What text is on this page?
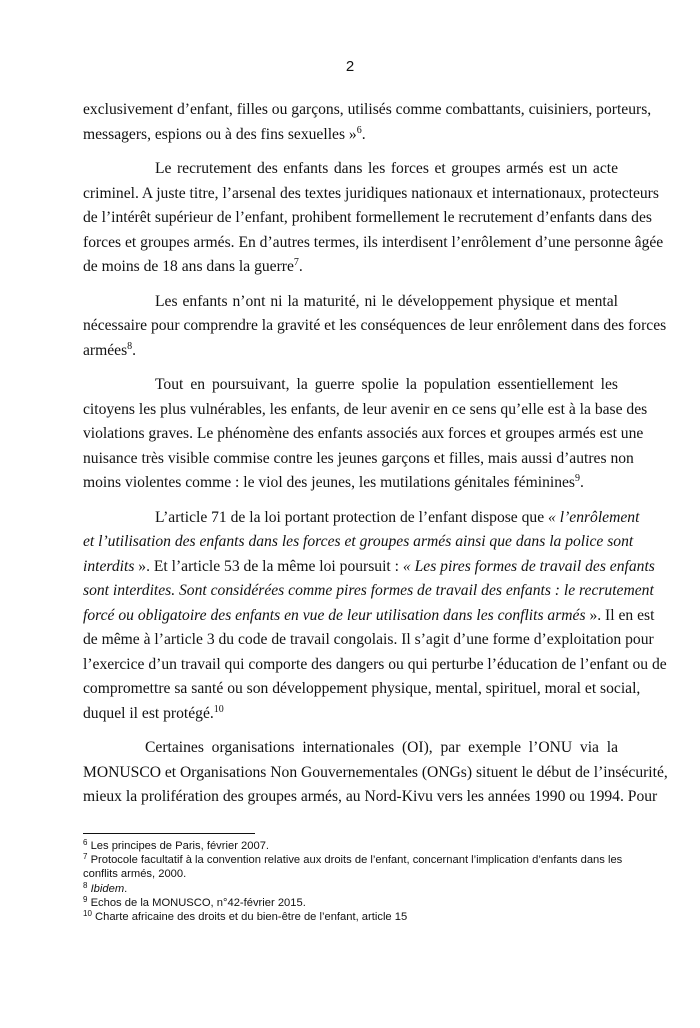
2
exclusivement d’enfant, filles ou garçons, utilisés comme combattants, cuisiniers, porteurs,
messagers, espions ou à des fins sexuelles »$^6$.
Le recrutement des enfants dans les forces et groupes armés est un acte
criminel. A juste titre, l’arsenal des textes juridiques nationaux et internationaux, protecteurs
de l’intérêt supérieur de l’enfant, prohibent formellement le recrutement d’enfants dans des
forces et groupes armés. En d’autres termes, ils interdisent l’enrôlement d’une personne âgée
de moins de 18 ans dans la guerre$^7$.
Les enfants n’ont ni la maturité, ni le développement physique et mental
nécessaire pour comprendre la gravité et les conséquences de leur enrôlement dans des forces
armées$^8$.
Tout en poursuivant, la guerre spolie la population essentiellement les
citoyens les plus vulnérables, les enfants, de leur avenir en ce sens qu’elle est à la base des
violations graves. Le phénomène des enfants associés aux forces et groupes armés est une
nuisance très visible commise contre les jeunes garçons et filles, mais aussi d’autres non
moins violentes comme : le viol des jeunes, les mutilations génitales féminines$^9$.
L’article 71 de la loi portant protection de l’enfant dispose que « l’enrôlement
et l’utilisation des enfants dans les forces et groupes armés ainsi que dans la police sont
interdits ». Et l’article 53 de la même loi poursuit : « Les pires formes de travail des enfants
sont interdites. Sont considérées comme pires formes de travail des enfants : le recrutement
forcé ou obligatoire des enfants en vue de leur utilisation dans les conflits armés ». Il en est
de même à l’article 3 du code de travail congolais. Il s’agit d’une forme d’exploitation pour
l’exercice d’un travail qui comporte des dangers ou qui perturbe l’éducation de l’enfant ou de
compromettre sa santé ou son développement physique, mental, spirituel, moral et social,
duquel il est protégé.$^{10}$
Certaines organisations internationales (OI), par exemple l’ONU via la
MONUSCO et Organisations Non Gouvernementales (ONGs) situent le début de l’insécurité,
mieux la prolifération des groupes armés, au Nord-Kivu vers les années 1990 ou 1994. Pour
$^6$ Les principes de Paris, février 2007.
$^7$ Protocole facultatif à la convention relative aux droits de l’enfant, concernant l’implication d’enfants dans les conflits armés, 2000.
$^8$ Ibidem.
$^9$ Echos de la MONUSCO, n°42-février 2015.
$^{10}$ Charte africaine des droits et du bien-être de l’enfant, article 15
